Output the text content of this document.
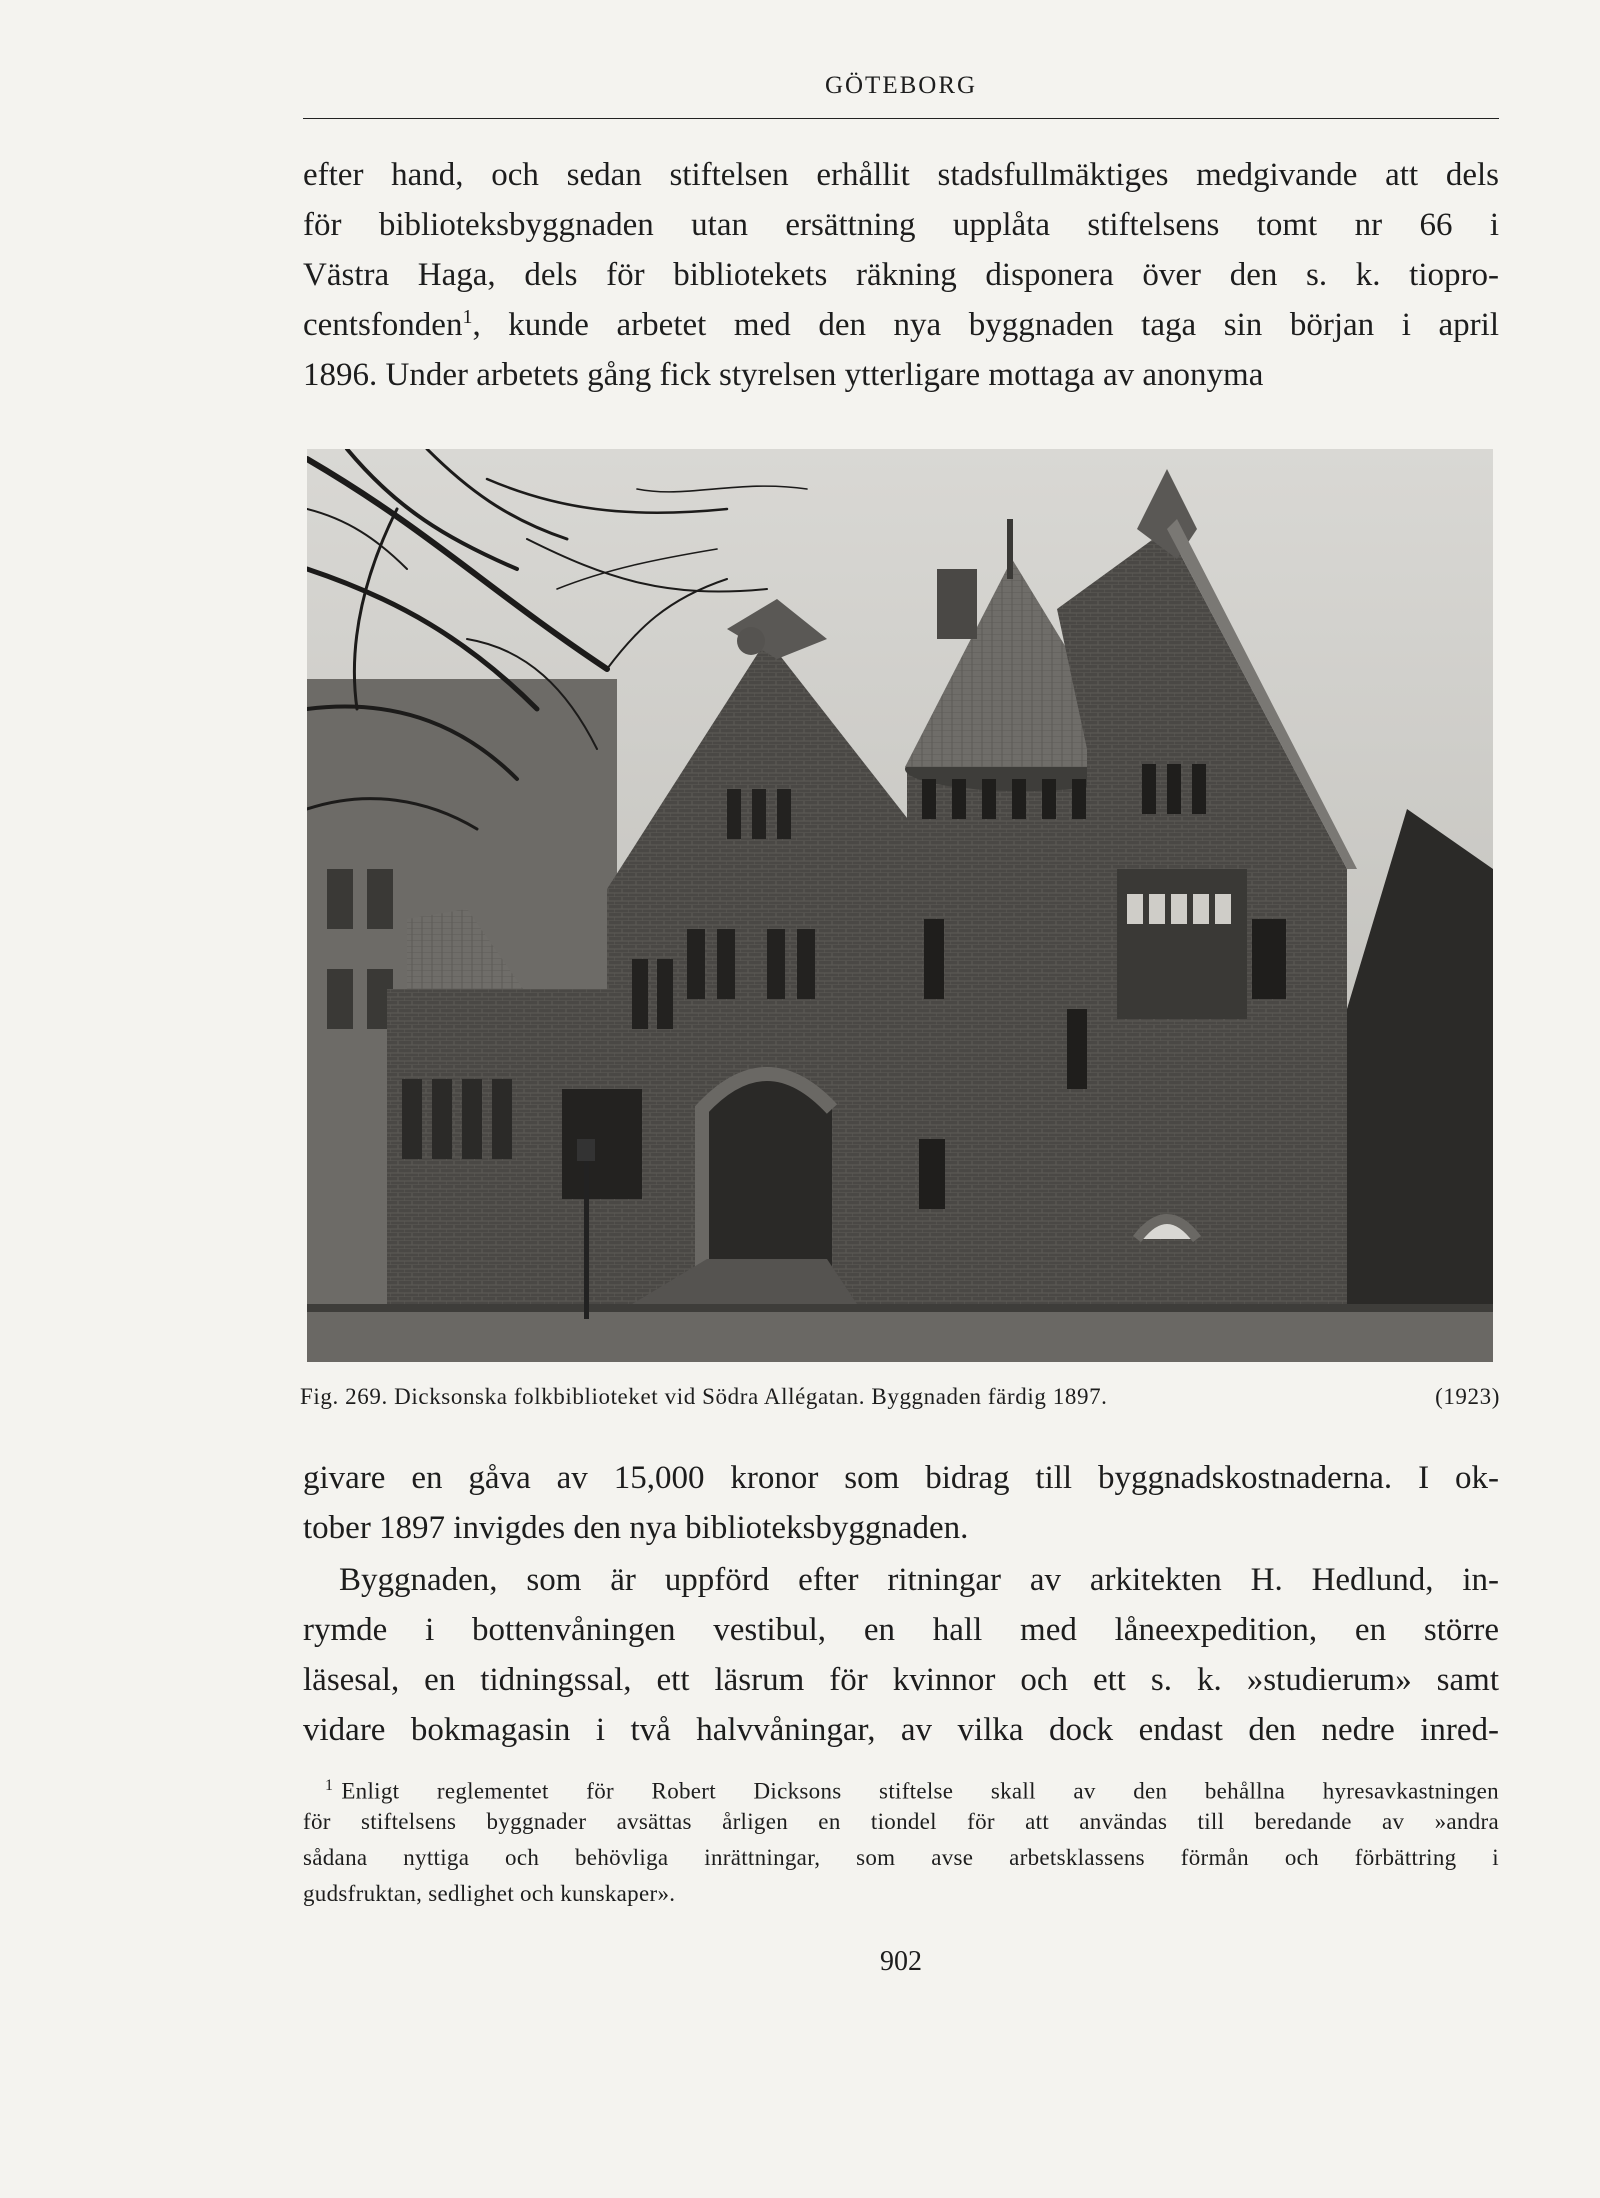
GÖTEBORG
efter hand, och sedan stiftelsen erhållit stadsfullmäktiges medgivande att dels
för biblioteksbyggnaden utan ersättning upplåta stiftelsens tomt nr 66 i
Västra Haga, dels för bibliotekets räkning disponera över den s. k. tiopro-
centsfonden$^1$, kunde arbetet med den nya byggnaden taga sin början i april
1896. Under arbetets gång fick styrelsen ytterligare mottaga av anonyma
Fig. 269. Dicksonska folkbiblioteket vid Södra Allégatan. Byggnaden färdig 1897.	(1923)
givare en gåva av 15,000 kronor som bidrag till byggnadskostnaderna. I ok-
tober 1897 invigdes den nya biblioteksbyggnaden.
Byggnaden, som är uppförd efter ritningar av arkitekten H. Hedlund, in-
rymde i bottenvåningen vestibul, en hall med låneexpedition, en större
läsesal, en tidningssal, ett läsrum för kvinnor och ett s. k. »studierum» samt
vidare bokmagasin i två halvvåningar, av vilka dock endast den nedre inred-
$^1$ Enligt reglementet för Robert Dicksons stiftelse skall av den behållna hyresavkastningen
för stiftelsens byggnader avsättas årligen en tiondel för att användas till beredande av »andra
sådana nyttiga och behövliga inrättningar, som avse arbetsklassens förmån och förbättring i
gudsfruktan, sedlighet och kunskaper».
902
